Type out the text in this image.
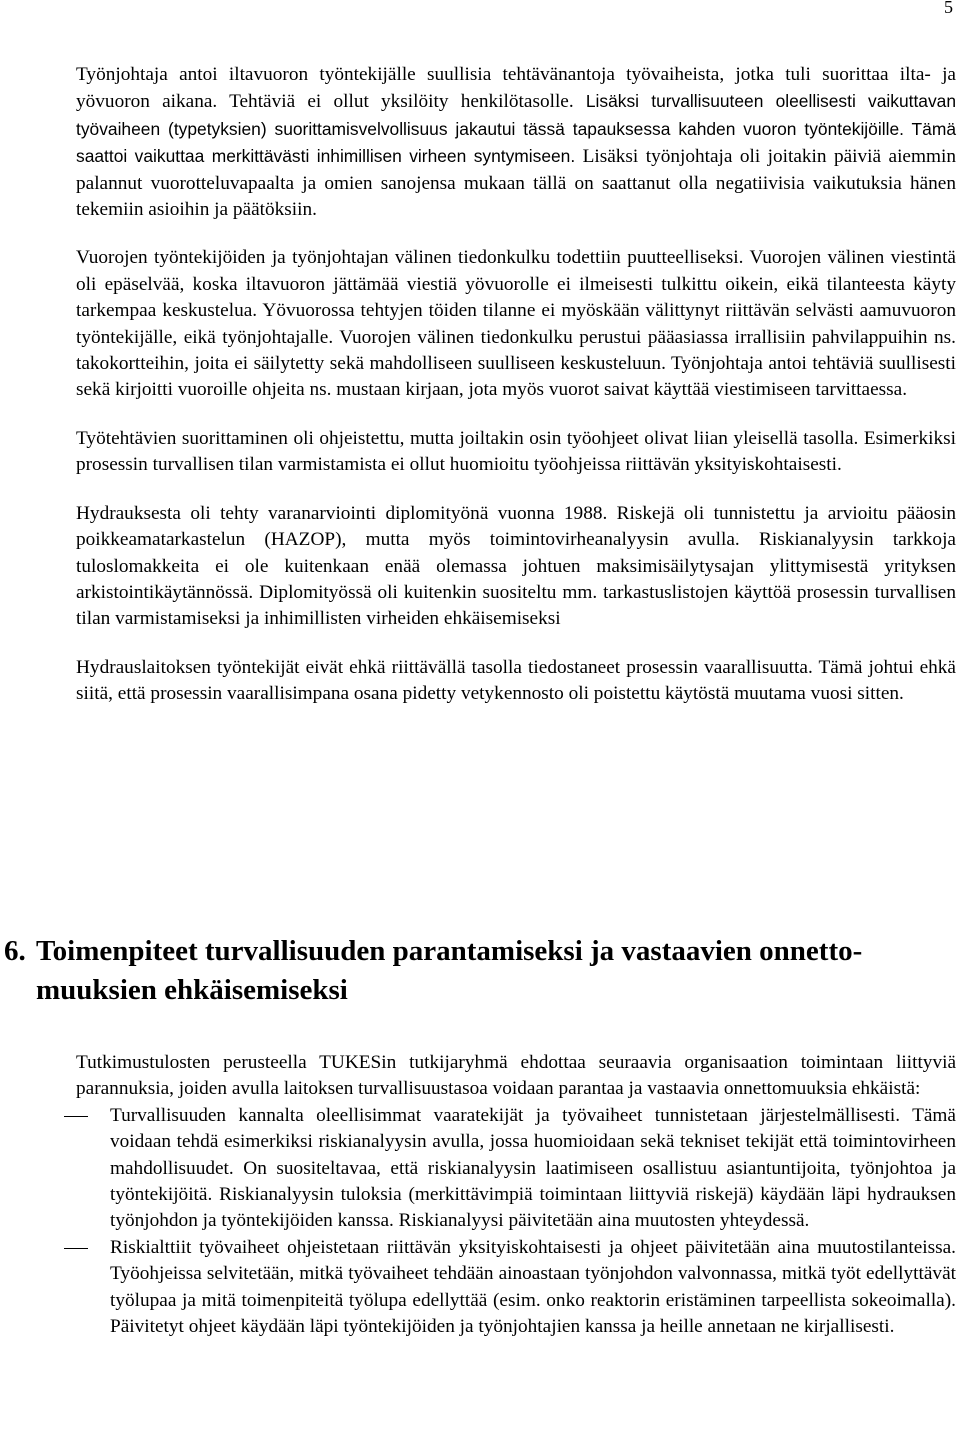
5

Työnjohtaja antoi iltavuoron työntekijälle suullisia tehtävänantoja työvaiheista, jotka tuli suorittaa ilta- ja yövuoron aikana. Tehtäviä ei ollut yksilöity henkilötasolle. Lisäksi turvallisuuteen oleellisesti vaikuttavan työvaiheen (typetyksien) suorittamisvelvollisuus jakautui tässä tapauksessa kahden vuoron työntekijöille. Tämä saattoi vaikuttaa merkittävästi inhimillisen virheen syntymiseen. Lisäksi työnjohtaja oli joitakin päiviä aiemmin palannut vuorotteluvapaalta ja omien sanojensa mukaan tällä on saattanut olla negatiivisia vaikutuksia hänen tekemiin asioihin ja päätöksiin.

Vuorojen työntekijöiden ja työnjohtajan välinen tiedonkulku todettiin puutteelliseksi. Vuorojen välinen viestintä oli epäselvää, koska iltavuoron jättämää viestiä yövuorolle ei ilmeisesti tulkittu oikein, eikä tilanteesta käyty tarkempaa keskustelua. Yövuorossa tehtyjen töiden tilanne ei myöskään välittynyt riittävän selvästi aamuvuoron työntekijälle, eikä työnjohtajalle. Vuorojen välinen tiedonkulku perustui pääasiassa irrallisiin pahvilappuihin ns. takokortteihin, joita ei säilytetty sekä mahdolliseen suulliseen keskusteluun. Työnjohtaja antoi tehtäviä suullisesti sekä kirjoitti vuoroille ohjeita ns. mustaan kirjaan, jota myös vuorot saivat käyttää viestimiseen tarvittaessa.

Työtehtävien suorittaminen oli ohjeistettu, mutta joiltakin osin työohjeet olivat liian yleisellä tasolla. Esimerkiksi prosessin turvallisen tilan varmistamista ei ollut huomioitu työohjeissa riittävän yksityiskohtaisesti.

Hydrauksesta oli tehty varanarviointi diplomityönä vuonna 1988. Riskejä oli tunnistettu ja arvioitu pääosin poikkeamatarkastelun (HAZOP), mutta myös toimintovirheanalyysin avulla. Riskianalyysin tarkkoja tuloslomakkeita ei ole kuitenkaan enää olemassa johtuen maksimisäilytysajan ylittymisestä yrityksen arkistointikäytännössä. Diplomityössä oli kuitenkin suositeltu mm. tarkastuslistojen käyttöä prosessin turvallisen tilan varmistamiseksi ja inhimillisten virheiden ehkäisemiseksi

Hydrauslaitoksen työntekijät eivät ehkä riittävällä tasolla tiedostaneet prosessin vaarallisuutta. Tämä johtui ehkä siitä, että prosessin vaarallisimpana osana pidetty vetykennosto oli poistettu käytöstä muutama vuosi sitten.

6. Toimenpiteet turvallisuuden parantamiseksi ja vastaavien onnetto-
muuksien ehkäisemiseksi

Tutkimustulosten perusteella TUKESin tutkijaryhmä ehdottaa seuraavia organisaation toimintaan liittyviä parannuksia, joiden avulla laitoksen turvallisuustasoa voidaan parantaa ja vastaavia onnettomuuksia ehkäistä:

Turvallisuuden kannalta oleellisimmat vaaratekijät ja työvaiheet tunnistetaan järjestelmällisesti. Tämä voidaan tehdä esimerkiksi riskianalyysin avulla, jossa huomioidaan sekä tekniset tekijät että toimintovirheen mahdollisuudet. On suositeltavaa, että riskianalyysin laatimiseen osallistuu asiantuntijoita, työnjohtoa ja työntekijöitä. Riskianalyysin tuloksia (merkittävimpiä toimintaan liittyviä riskejä) käydään läpi hydrauksen työnjohdon ja työntekijöiden kanssa. Riskianalyysi päivitetään aina muutosten yhteydessä.
Riskialttiit työvaiheet ohjeistetaan riittävän yksityiskohtaisesti ja ohjeet päivitetään aina muutostilanteissa. Työohjeissa selvitetään, mitkä työvaiheet tehdään ainoastaan työnjohdon valvonnassa, mitkä työt edellyttävät työlupaa ja mitä toimenpiteitä työlupa edellyttää (esim. onko reaktorin eristäminen tarpeellista sokeoimalla). Päivitetyt ohjeet käydään läpi työntekijöiden ja työnjohtajien kanssa ja heille annetaan ne kirjallisesti.
